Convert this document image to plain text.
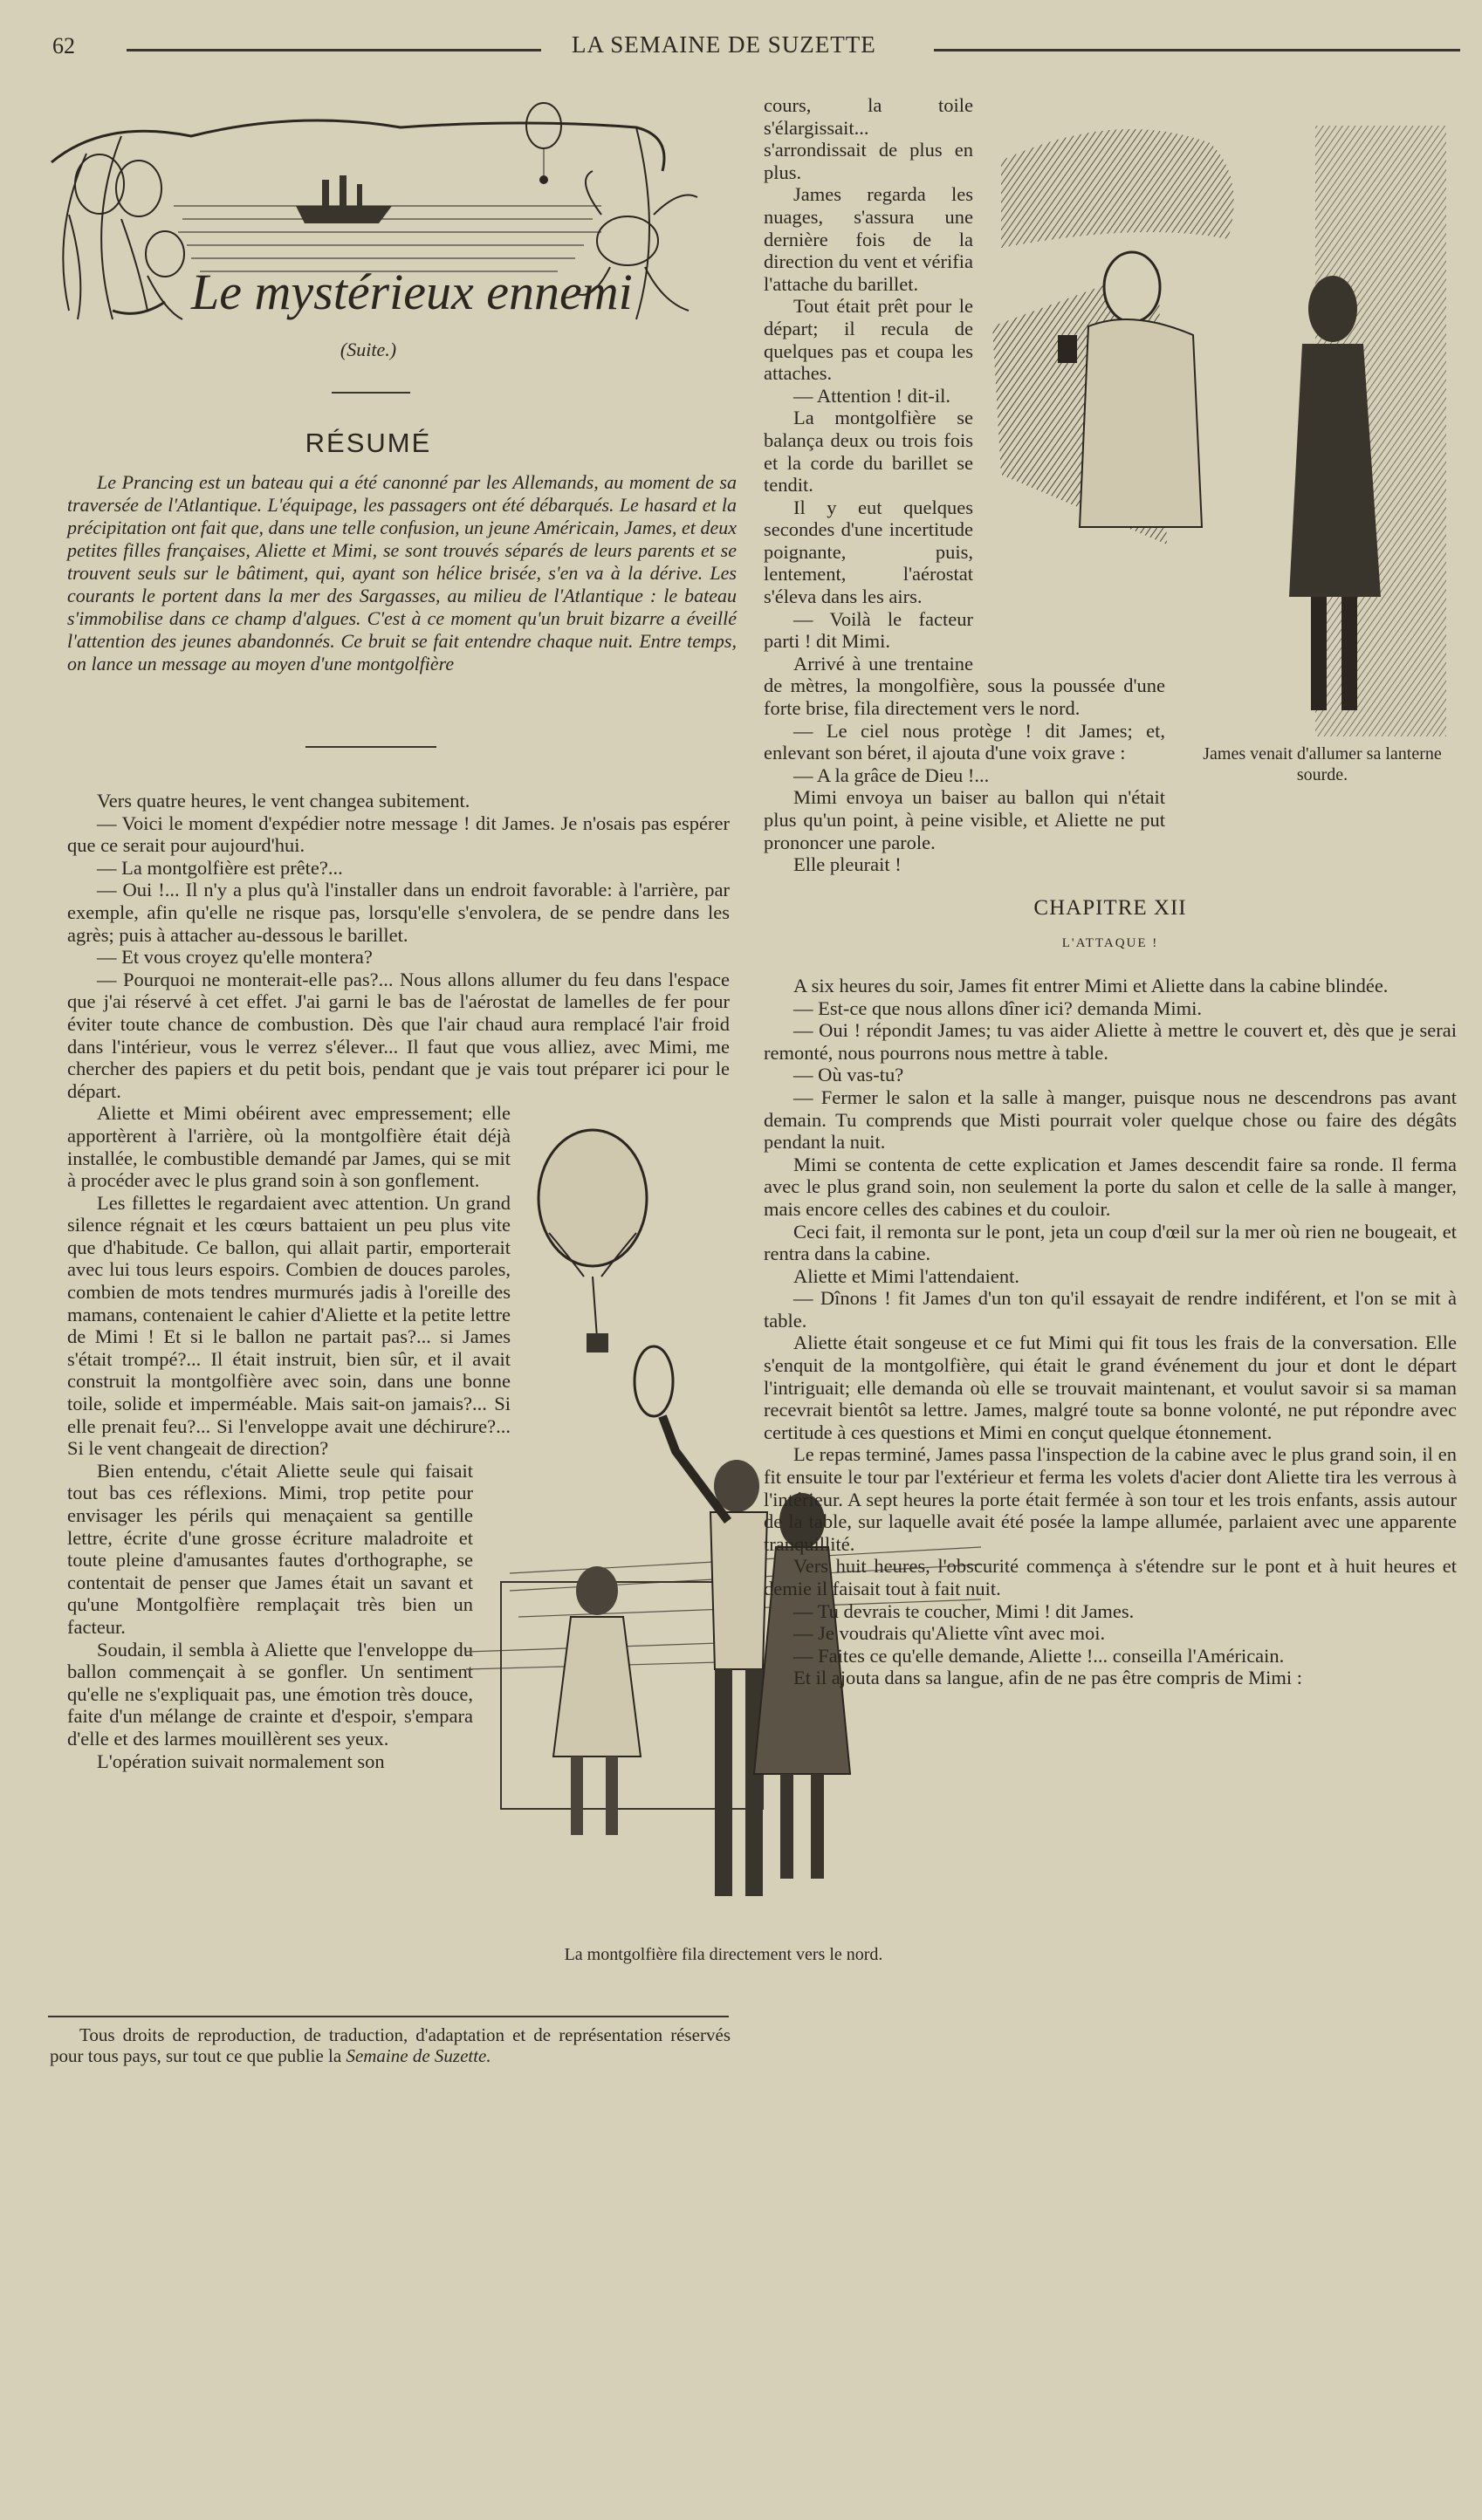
62	LA SEMAINE DE SUZETTE
Le mystérieux ennemi
(Suite.)
RÉSUMÉ
Le Prancing est un bateau qui a été canonné par les Allemands, au moment de sa traversée de l'Atlantique. L'équipage, les passagers ont été débarqués. Le hasard et la précipitation ont fait que, dans une telle confusion, un jeune Américain, James, et deux petites filles françaises, Aliette et Mimi, se sont trouvés séparés de leurs parents et se trouvent seuls sur le bâtiment, qui, ayant son hélice brisée, s'en va à la dérive. Les courants le portent dans la mer des Sargasses, au milieu de l'Atlantique : le bateau s'immobilise dans ce champ d'algues. C'est à ce moment qu'un bruit bizarre a éveillé l'attention des jeunes abandonnés. Ce bruit se fait entendre chaque nuit. Entre temps, on lance un message au moyen d'une montgolfière

Vers quatre heures, le vent changea subitement.

— Voici le moment d'expédier notre message ! dit James. Je n'osais pas espérer que ce serait pour aujourd'hui.

— La montgolfière est prête?...

— Oui !... Il n'y a plus qu'à l'installer dans un endroit favorable: à l'arrière, par exemple, afin qu'elle ne risque pas, lorsqu'elle s'envolera, de se pendre dans les agrès; puis à attacher au-dessous le barillet.

— Et vous croyez qu'elle montera?

— Pourquoi ne monterait-elle pas?... Nous allons allumer du feu dans l'espace que j'ai réservé à cet effet. J'ai garni le bas de l'aérostat de lamelles de fer pour éviter toute chance de combustion. Dès que l'air chaud aura remplacé l'air froid dans l'intérieur, vous le verrez s'élever... Il faut que vous alliez, avec Mimi, me chercher des papiers et du petit bois, pendant que je vais tout préparer ici pour le départ.

Aliette et Mimi obéirent avec empressement; elle apportèrent à l'arrière, où la montgolfière était déjà installée, le combustible demandé par James, qui se mit à procéder avec le plus grand soin à son gonflement.

Les fillettes le regardaient avec attention. Un grand silence régnait et les cœurs battaient un peu plus vite que d'habitude. Ce ballon, qui allait partir, emporterait avec lui tous leurs espoirs. Combien de douces paroles, combien de mots tendres murmurés jadis à l'oreille des mamans, contenaient le cahier d'Aliette et la petite lettre de Mimi ! Et si le ballon ne partait pas?... si James s'était trompé?... Il était instruit, bien sûr, et il avait construit la montgolfière avec soin, dans une bonne toile, solide et imperméable. Mais sait-on jamais?... Si elle prenait feu?... Si l'enveloppe avait une déchirure?... Si le vent changeait de direction?

Bien entendu, c'était Aliette seule qui faisait tout bas ces réflexions. Mimi, trop petite pour envisager les périls qui menaçaient sa gentille lettre, écrite d'une grosse écriture maladroite et toute pleine d'amusantes fautes d'orthographe, se contentait de penser que James était un savant et qu'une Montgolfière remplaçait très bien un facteur.

Soudain, il sembla à Aliette que l'enveloppe du ballon commençait à se gonfler. Un sentiment qu'elle ne s'expliquait pas, une émotion très douce, faite d'un mélange de crainte et d'espoir, s'empara d'elle et des larmes mouillèrent ses yeux.

L'opération suivait normalement son

La montgolfière fila directement vers le nord.

cours, la toile s'élargissait... s'arrondissait de plus en plus.

James regarda les nuages, s'assura une dernière fois de la direction du vent et vérifia l'attache du barillet.

Tout était prêt pour le départ; il recula de quelques pas et coupa les attaches.

— Attention ! dit-il.

La montgolfière se balança deux ou trois fois et la corde du barillet se tendit.

Il y eut quelques secondes d'une incertitude poignante, puis, lentement, l'aérostat s'éleva dans les airs.

— Voilà le facteur parti ! dit Mimi.

Arrivé à une trentaine de mètres, la mongolfière, sous la poussée d'une forte brise, fila directement vers le nord.

— Le ciel nous protège ! dit James; et, enlevant son béret, il ajouta d'une voix grave :

— A la grâce de Dieu !...

Mimi envoya un baiser au ballon qui n'était plus qu'un point, à peine visible, et Aliette ne put prononcer une parole.

Elle pleurait !

CHAPITRE XII

L'ATTAQUE !

A six heures du soir, James fit entrer Mimi et Aliette dans la cabine blindée.

— Est-ce que nous allons dîner ici? demanda Mimi.

— Oui ! répondit James; tu vas aider Aliette à mettre le couvert et, dès que je serai remonté, nous pourrons nous mettre à table.

— Où vas-tu?

— Fermer le salon et la salle à manger, puisque nous ne descendrons pas avant demain. Tu comprends que Misti pourrait voler quelque chose ou faire des dégâts pendant la nuit.

Mimi se contenta de cette explication et James descendit faire sa ronde. Il ferma avec le plus grand soin, non seulement la porte du salon et celle de la salle à manger, mais encore celles des cabines et du couloir.

Ceci fait, il remonta sur le pont, jeta un coup d'œil sur la mer où rien ne bougeait, et rentra dans la cabine.

Aliette et Mimi l'attendaient.

— Dînons ! fit James d'un ton qu'il essayait de rendre indiférent, et l'on se mit à table.

Aliette était songeuse et ce fut Mimi qui fit tous les frais de la conversation. Elle s'enquit de la montgolfière, qui était le grand événement du jour et dont le départ l'intriguait; elle demanda où elle se trouvait maintenant, et voulut savoir si sa maman recevrait bientôt sa lettre. James, malgré toute sa bonne volonté, ne put répondre avec certitude à ces questions et Mimi en conçut quelque étonnement.

Le repas terminé, James passa l'inspection de la cabine avec le plus grand soin, il en fit ensuite le tour par l'extérieur et ferma les volets d'acier dont Aliette tira les verrous à l'intérieur. A sept heures la porte était fermée à son tour et les trois enfants, assis autour de la table, sur laquelle avait été posée la lampe allumée, parlaient avec une apparente tranquillité.

Vers huit heures, l'obscurité commença à s'étendre sur le pont et à huit heures et demie il faisait tout à fait nuit.

— Tu devrais te coucher, Mimi ! dit James.

— Je voudrais qu'Aliette vînt avec moi.

— Faites ce qu'elle demande, Aliette !... conseilla l'Américain.

Et il ajouta dans sa langue, afin de ne pas être compris de Mimi :

James venait d'allumer sa lanterne sourde.
Tous droits de reproduction, de traduction, d'adaptation et de représentation réservés pour tous pays, sur tout ce que publie la Semaine de Suzette.
